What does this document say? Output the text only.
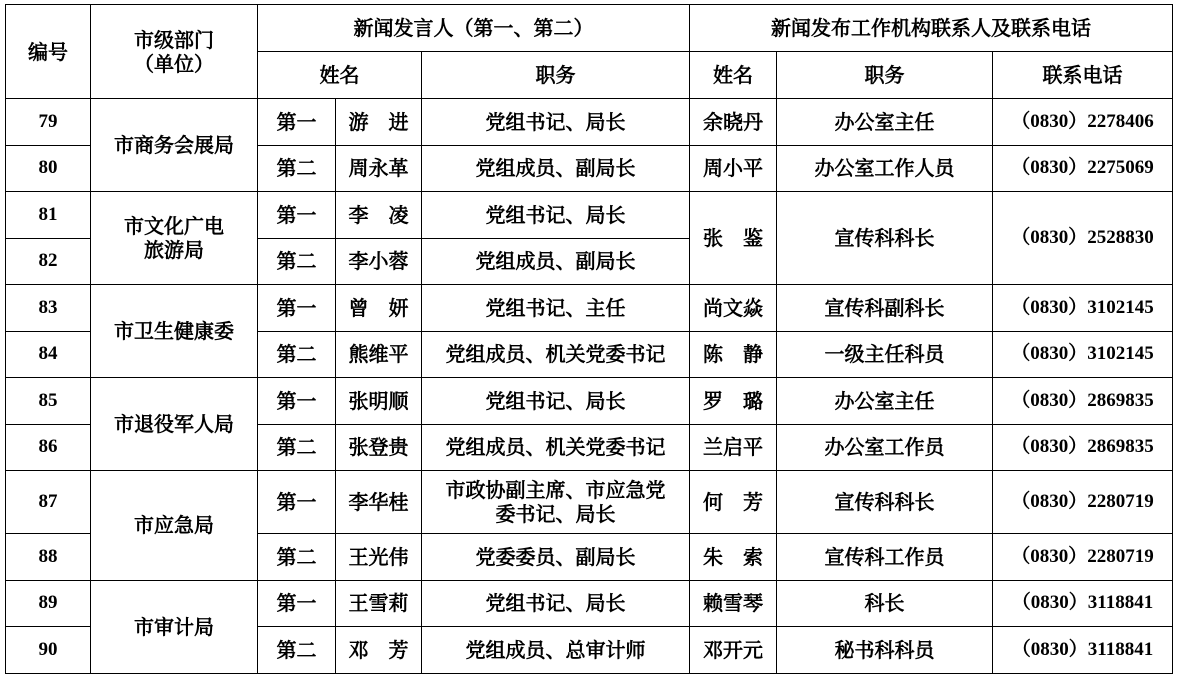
编号	市级部门
（单位）	新闻发言人（第一、第二）			新闻发布工作机构联系人及联系电话		
		姓名		职务	姓名	职务	联系电话
79	市商务会展局	第一	游　进	党组书记、局长	余晓丹	办公室主任	（0830）2278406
80		第二	周永革	党组成员、副局长	周小平	办公室工作人员	（0830）2275069
81	市文化广电
旅游局	第一	李　凌	党组书记、局长	张　鉴	宣传科科长	（0830）2528830
82		第二	李小蓉	党组成员、副局长			

83	市卫生健康委	第一	曾　妍	党组书记、主任	尚文焱	宣传科副科长	（0830）3102145
84		第二	熊维平	党组成员、机关党委书记	陈　静	一级主任科员	（0830）3102145
85	市退役军人局	第一	张明顺	党组书记、局长	罗　璐	办公室主任	（0830）2869835
86		第二	张登贵	党组成员、机关党委书记	兰启平	办公室工作员	（0830）2869835
87	市应急局	第一	李华桂	市政协副主席、市应急党
委书记、局长	何　芳	宣传科科长	（0830）2280719
88		第二	王光伟	党委委员、副局长	朱　索	宣传科工作员	（0830）2280719
89	市审计局	第一	王雪莉	党组书记、局长	赖雪琴	科长	（0830）3118841
90		第二	邓　芳	党组成员、总审计师	邓开元	秘书科科员	（0830）3118841
